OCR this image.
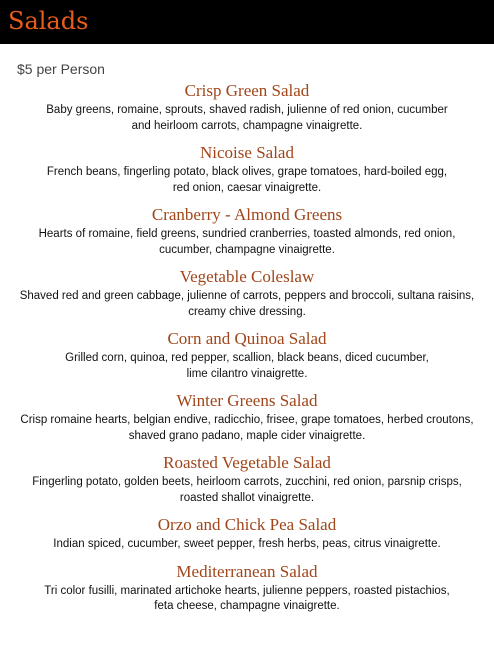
Salads
$5 per Person
Crisp Green Salad
Baby greens, romaine, sprouts, shaved radish, julienne of red onion, cucumber
and heirloom carrots, champagne vinaigrette.
Nicoise Salad
French beans, fingerling potato, black olives, grape tomatoes, hard-boiled egg,
red onion, caesar vinaigrette.
Cranberry - Almond Greens
Hearts of romaine, field greens, sundried cranberries, toasted almonds, red onion,
cucumber, champagne vinaigrette.
Vegetable Coleslaw
Shaved red and green cabbage, julienne of carrots, peppers and broccoli, sultana raisins,
creamy chive dressing.
Corn and Quinoa Salad
Grilled corn, quinoa, red pepper, scallion, black beans, diced cucumber,
lime cilantro vinaigrette.
Winter Greens Salad
Crisp romaine hearts, belgian endive, radicchio, frisee, grape tomatoes, herbed croutons,
shaved grano padano, maple cider vinaigrette.
Roasted Vegetable Salad
Fingerling potato, golden beets, heirloom carrots, zucchini, red onion, parsnip crisps,
roasted shallot vinaigrette.
Orzo and Chick Pea Salad
Indian spiced, cucumber, sweet pepper, fresh herbs, peas, citrus vinaigrette.
Mediterranean Salad
Tri color fusilli, marinated artichoke hearts, julienne peppers, roasted pistachios,
feta cheese, champagne vinaigrette.
